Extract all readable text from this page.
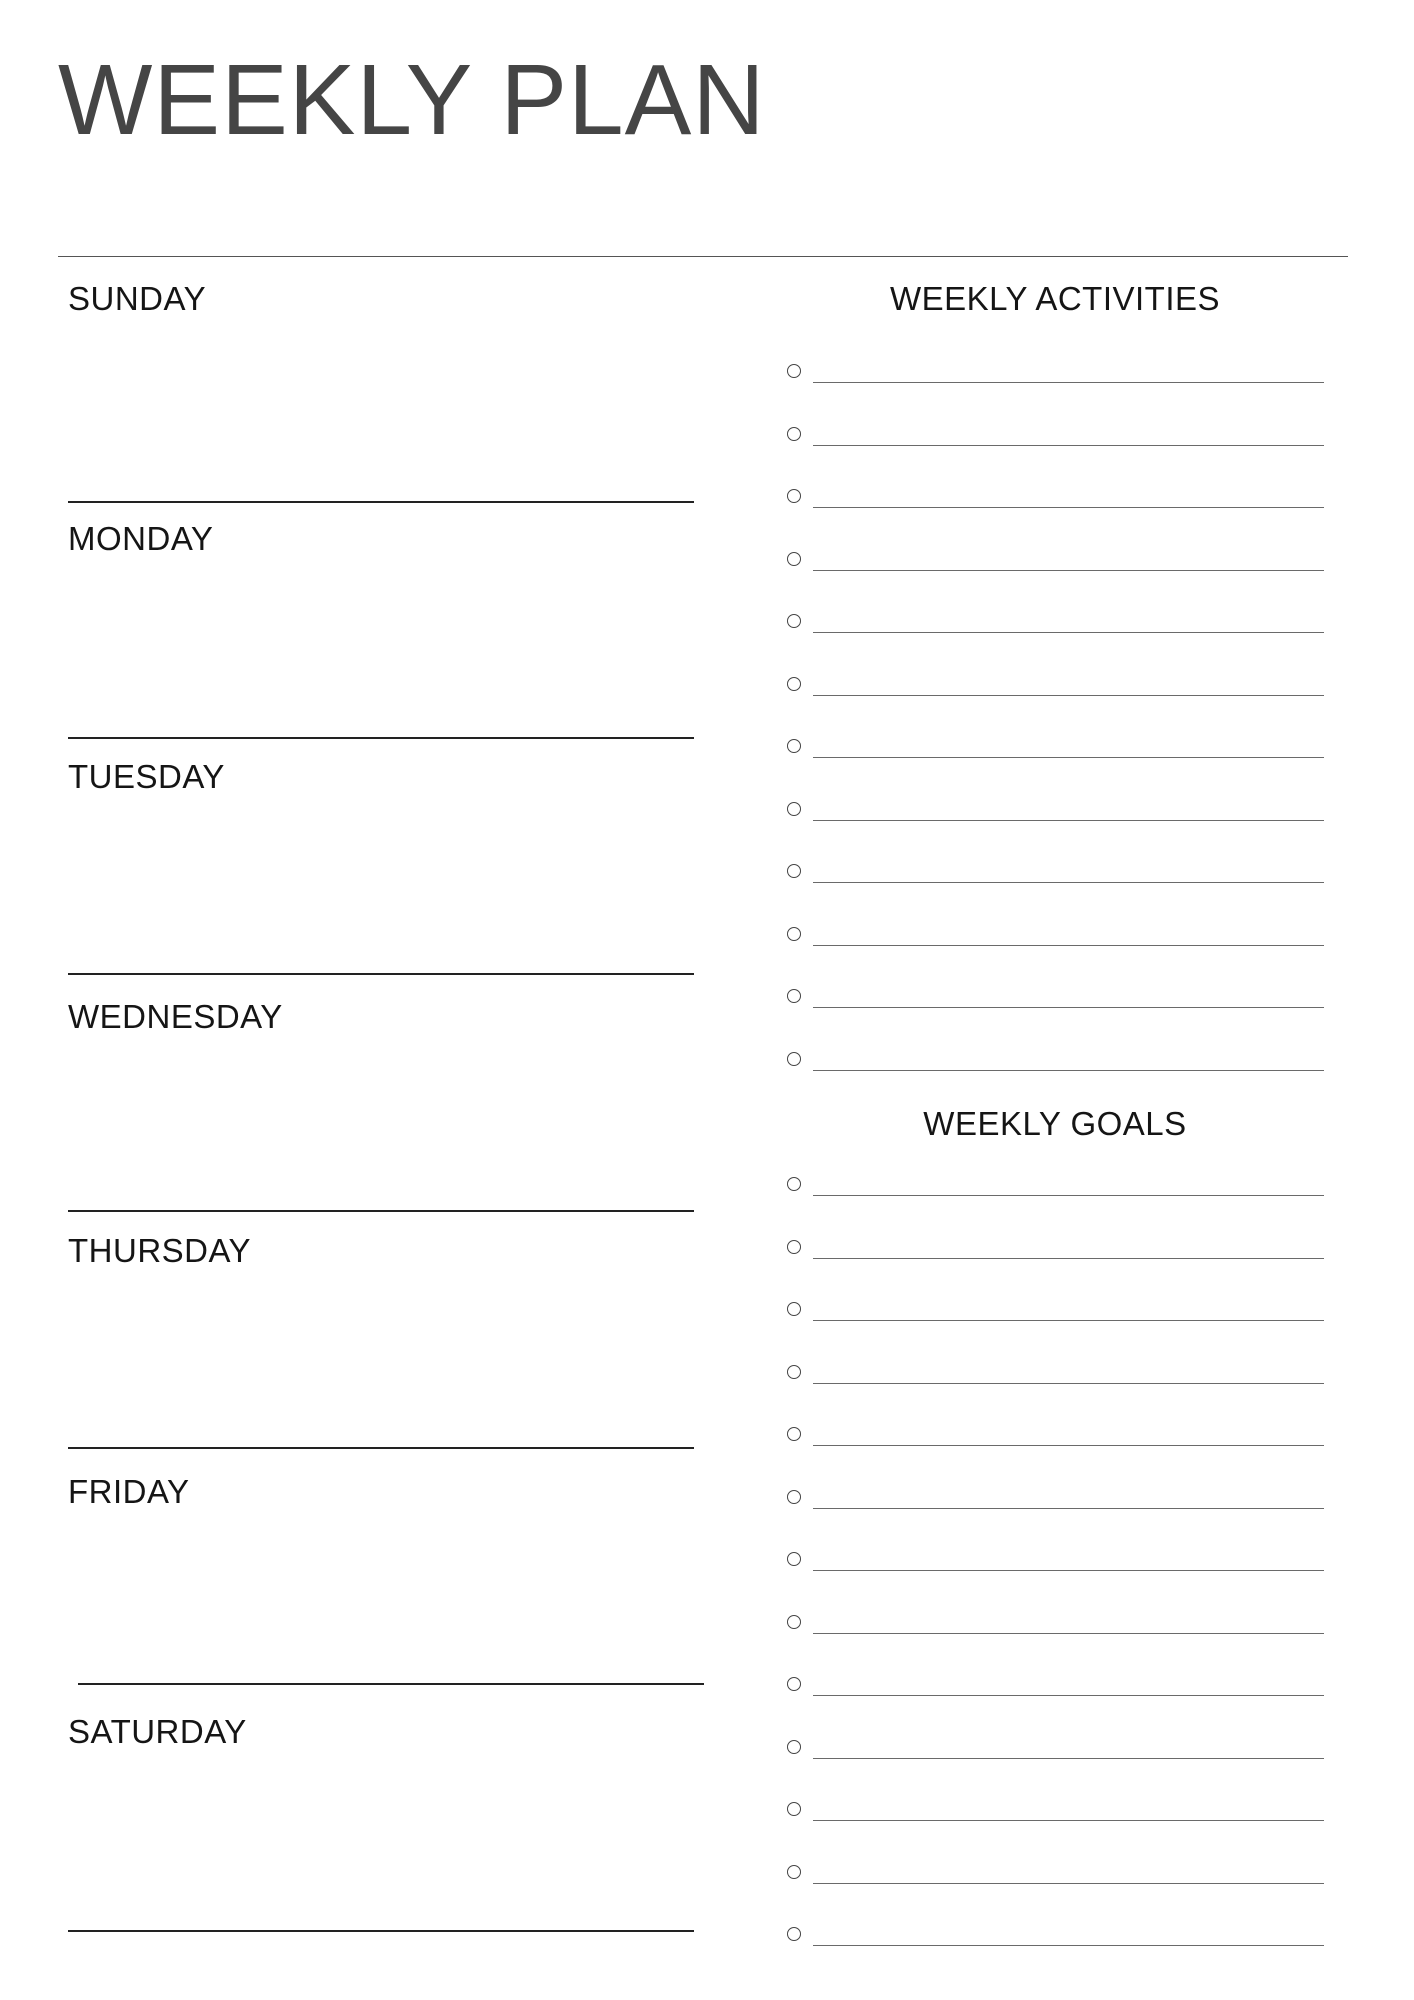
WEEKLY PLAN
SUNDAY
MONDAY
TUESDAY
WEDNESDAY
THURSDAY
FRIDAY
SATURDAY
WEEKLY ACTIVITIES
WEEKLY GOALS
